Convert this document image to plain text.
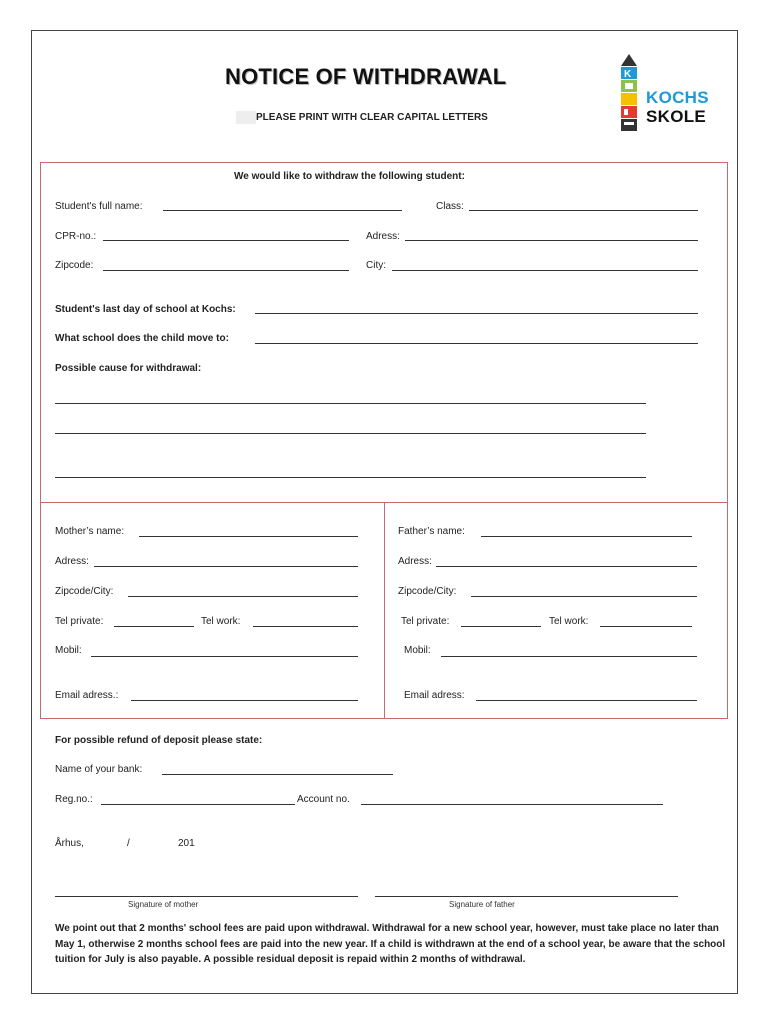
NOTICE OF WITHDRAWAL
PLEASE PRINT WITH CLEAR CAPITAL LETTERS
K
KOCHS
SKOLE
We would like to withdraw the following student:
Student's full name:	Class:
CPR-no.:	Adress:
Zipcode:	City:
Student's last day of school at Kochs:
What school does the child move to:
Possible cause for withdrawal:
Mother’s name:
Adress:
Zipcode/City:
Tel private:	Tel work:
Mobil:
Email adress.:
Father’s name:
Adress:
Zipcode/City:
Tel private:	Tel work:
Mobil:
Email adress:
For possible refund of deposit please state:
Name of your bank:
Reg.no.:	Account no.
Århus,	/	201
Signature of mother	Signature of father
We point out that 2 months' school fees are paid upon withdrawal. Withdrawal for a new school year, however, must take place no later than May 1, otherwise 2 months school fees are paid into the new year. If a child is withdrawn at the end of a school year, be aware that the school tuition for July is also payable. A possible residual deposit is repaid within 2 months of withdrawal.
